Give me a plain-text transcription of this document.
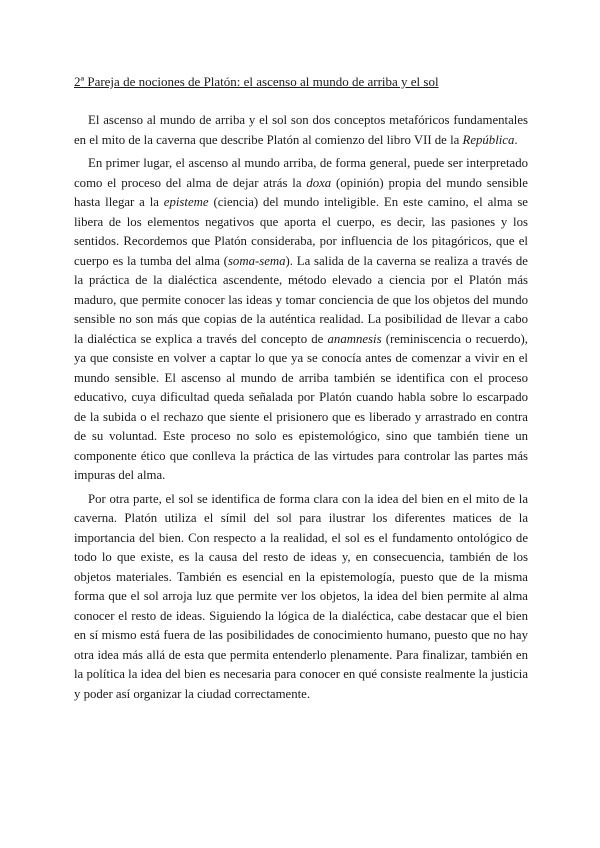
2ª Pareja de nociones de Platón: el ascenso al mundo de arriba y el sol

El ascenso al mundo de arriba y el sol son dos conceptos metafóricos fundamentales en el mito de la caverna que describe Platón al comienzo del libro VII de la República.

En primer lugar, el ascenso al mundo arriba, de forma general, puede ser interpretado como el proceso del alma de dejar atrás la doxa (opinión) propia del mundo sensible hasta llegar a la episteme (ciencia) del mundo inteligible. En este camino, el alma se libera de los elementos negativos que aporta el cuerpo, es decir, las pasiones y los sentidos. Recordemos que Platón consideraba, por influencia de los pitagóricos, que el cuerpo es la tumba del alma (soma-sema). La salida de la caverna se realiza a través de la práctica de la dialéctica ascendente, método elevado a ciencia por el Platón más maduro, que permite conocer las ideas y tomar conciencia de que los objetos del mundo sensible no son más que copias de la auténtica realidad. La posibilidad de llevar a cabo la dialéctica se explica a través del concepto de anamnesis (reminiscencia o recuerdo), ya que consiste en volver a captar lo que ya se conocía antes de comenzar a vivir en el mundo sensible. El ascenso al mundo de arriba también se identifica con el proceso educativo, cuya dificultad queda señalada por Platón cuando habla sobre lo escarpado de la subida o el rechazo que siente el prisionero que es liberado y arrastrado en contra de su voluntad. Este proceso no solo es epistemológico, sino que también tiene un componente ético que conlleva la práctica de las virtudes para controlar las partes más impuras del alma.

Por otra parte, el sol se identifica de forma clara con la idea del bien en el mito de la caverna. Platón utiliza el símil del sol para ilustrar los diferentes matices de la importancia del bien. Con respecto a la realidad, el sol es el fundamento ontológico de todo lo que existe, es la causa del resto de ideas y, en consecuencia, también de los objetos materiales. También es esencial en la epistemología, puesto que de la misma forma que el sol arroja luz que permite ver los objetos, la idea del bien permite al alma conocer el resto de ideas. Siguiendo la lógica de la dialéctica, cabe destacar que el bien en sí mismo está fuera de las posibilidades de conocimiento humano, puesto que no hay otra idea más allá de esta que permita entenderlo plenamente. Para finalizar, también en la política la idea del bien es necesaria para conocer en qué consiste realmente la justicia y poder así organizar la ciudad correctamente.
